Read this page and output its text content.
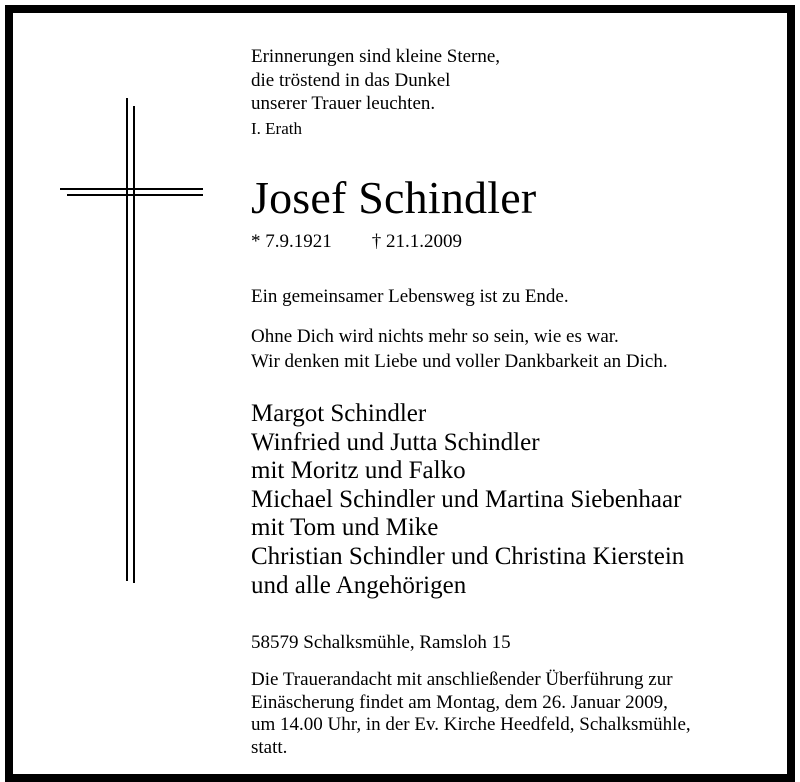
Erinnerungen sind kleine Sterne,
die tröstend in das Dunkel
unserer Trauer leuchten.
I. Erath
Josef Schindler
* 7.9.1921 † 21.1.2009
Ein gemeinsamer Lebensweg ist zu Ende.
Ohne Dich wird nichts mehr so sein, wie es war.
Wir denken mit Liebe und voller Dankbarkeit an Dich.
Margot Schindler
Winfried und Jutta Schindler
mit Moritz und Falko
Michael Schindler und Martina Siebenhaar
mit Tom und Mike
Christian Schindler und Christina Kierstein
und alle Angehörigen
58579 Schalksmühle, Ramsloh 15
Die Trauerandacht mit anschließender Überführung zur
Einäscherung findet am Montag, dem 26. Januar 2009,
um 14.00 Uhr, in der Ev. Kirche Heedfeld, Schalksmühle,
statt.
